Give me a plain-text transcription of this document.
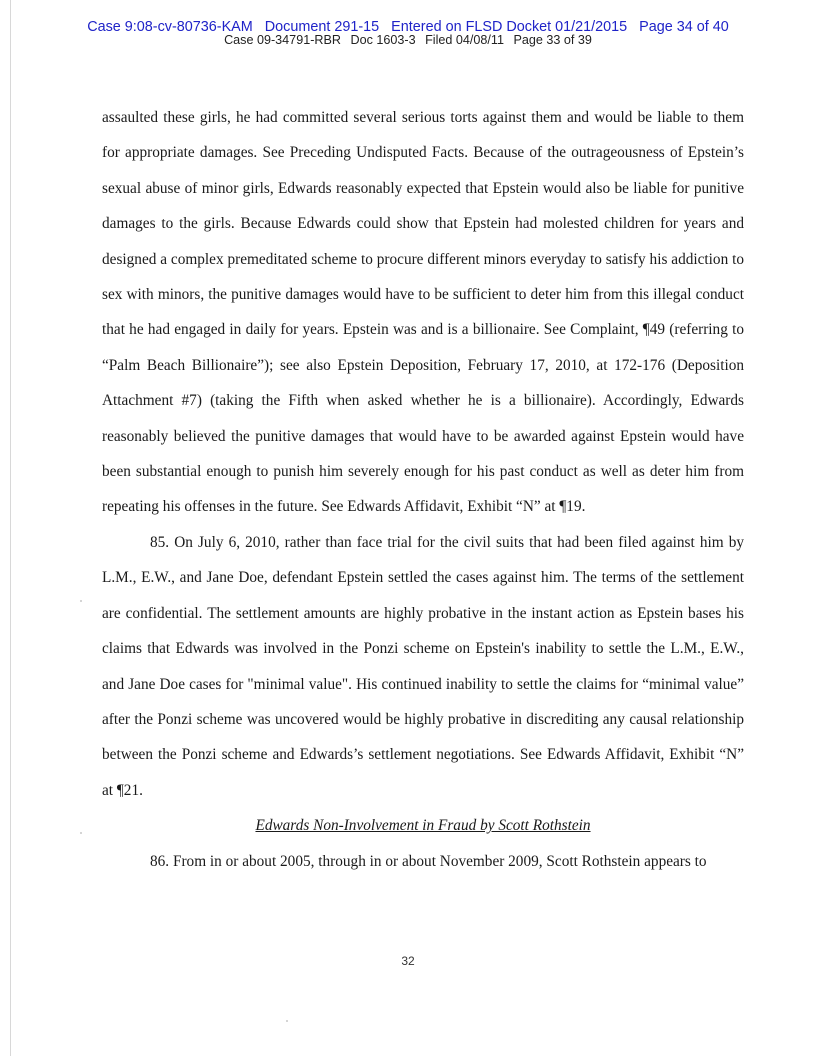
Case 9:08-cv-80736-KAM Document 291-15 Entered on FLSD Docket 01/21/2015 Page 34 of 40
Case 09-34791-RBR Doc 1603-3 Filed 04/08/11 Page 33 of 39

assaulted these girls, he had committed several serious torts against them and would be liable to them for appropriate damages. See Preceding Undisputed Facts. Because of the outrageousness of Epstein’s sexual abuse of minor girls, Edwards reasonably expected that Epstein would also be liable for punitive damages to the girls. Because Edwards could show that Epstein had molested children for years and designed a complex premeditated scheme to procure different minors everyday to satisfy his addiction to sex with minors, the punitive damages would have to be sufficient to deter him from this illegal conduct that he had engaged in daily for years. Epstein was and is a billionaire. See Complaint, ¶49 (referring to “Palm Beach Billionaire”); see also Epstein Deposition, February 17, 2010, at 172-176 (Deposition Attachment #7) (taking the Fifth when asked whether he is a billionaire). Accordingly, Edwards reasonably believed the punitive damages that would have to be awarded against Epstein would have been substantial enough to punish him severely enough for his past conduct as well as deter him from repeating his offenses in the future. See Edwards Affidavit, Exhibit “N” at ¶19.

85. On July 6, 2010, rather than face trial for the civil suits that had been filed against him by L.M., E.W., and Jane Doe, defendant Epstein settled the cases against him. The terms of the settlement are confidential. The settlement amounts are highly probative in the instant action as Epstein bases his claims that Edwards was involved in the Ponzi scheme on Epstein's inability to settle the L.M., E.W., and Jane Doe cases for "minimal value". His continued inability to settle the claims for “minimal value” after the Ponzi scheme was uncovered would be highly probative in discrediting any causal relationship between the Ponzi scheme and Edwards’s settlement negotiations. See Edwards Affidavit, Exhibit “N” at ¶21.

Edwards Non-Involvement in Fraud by Scott Rothstein

86. From in or about 2005, through in or about November 2009, Scott Rothstein appears to

32
